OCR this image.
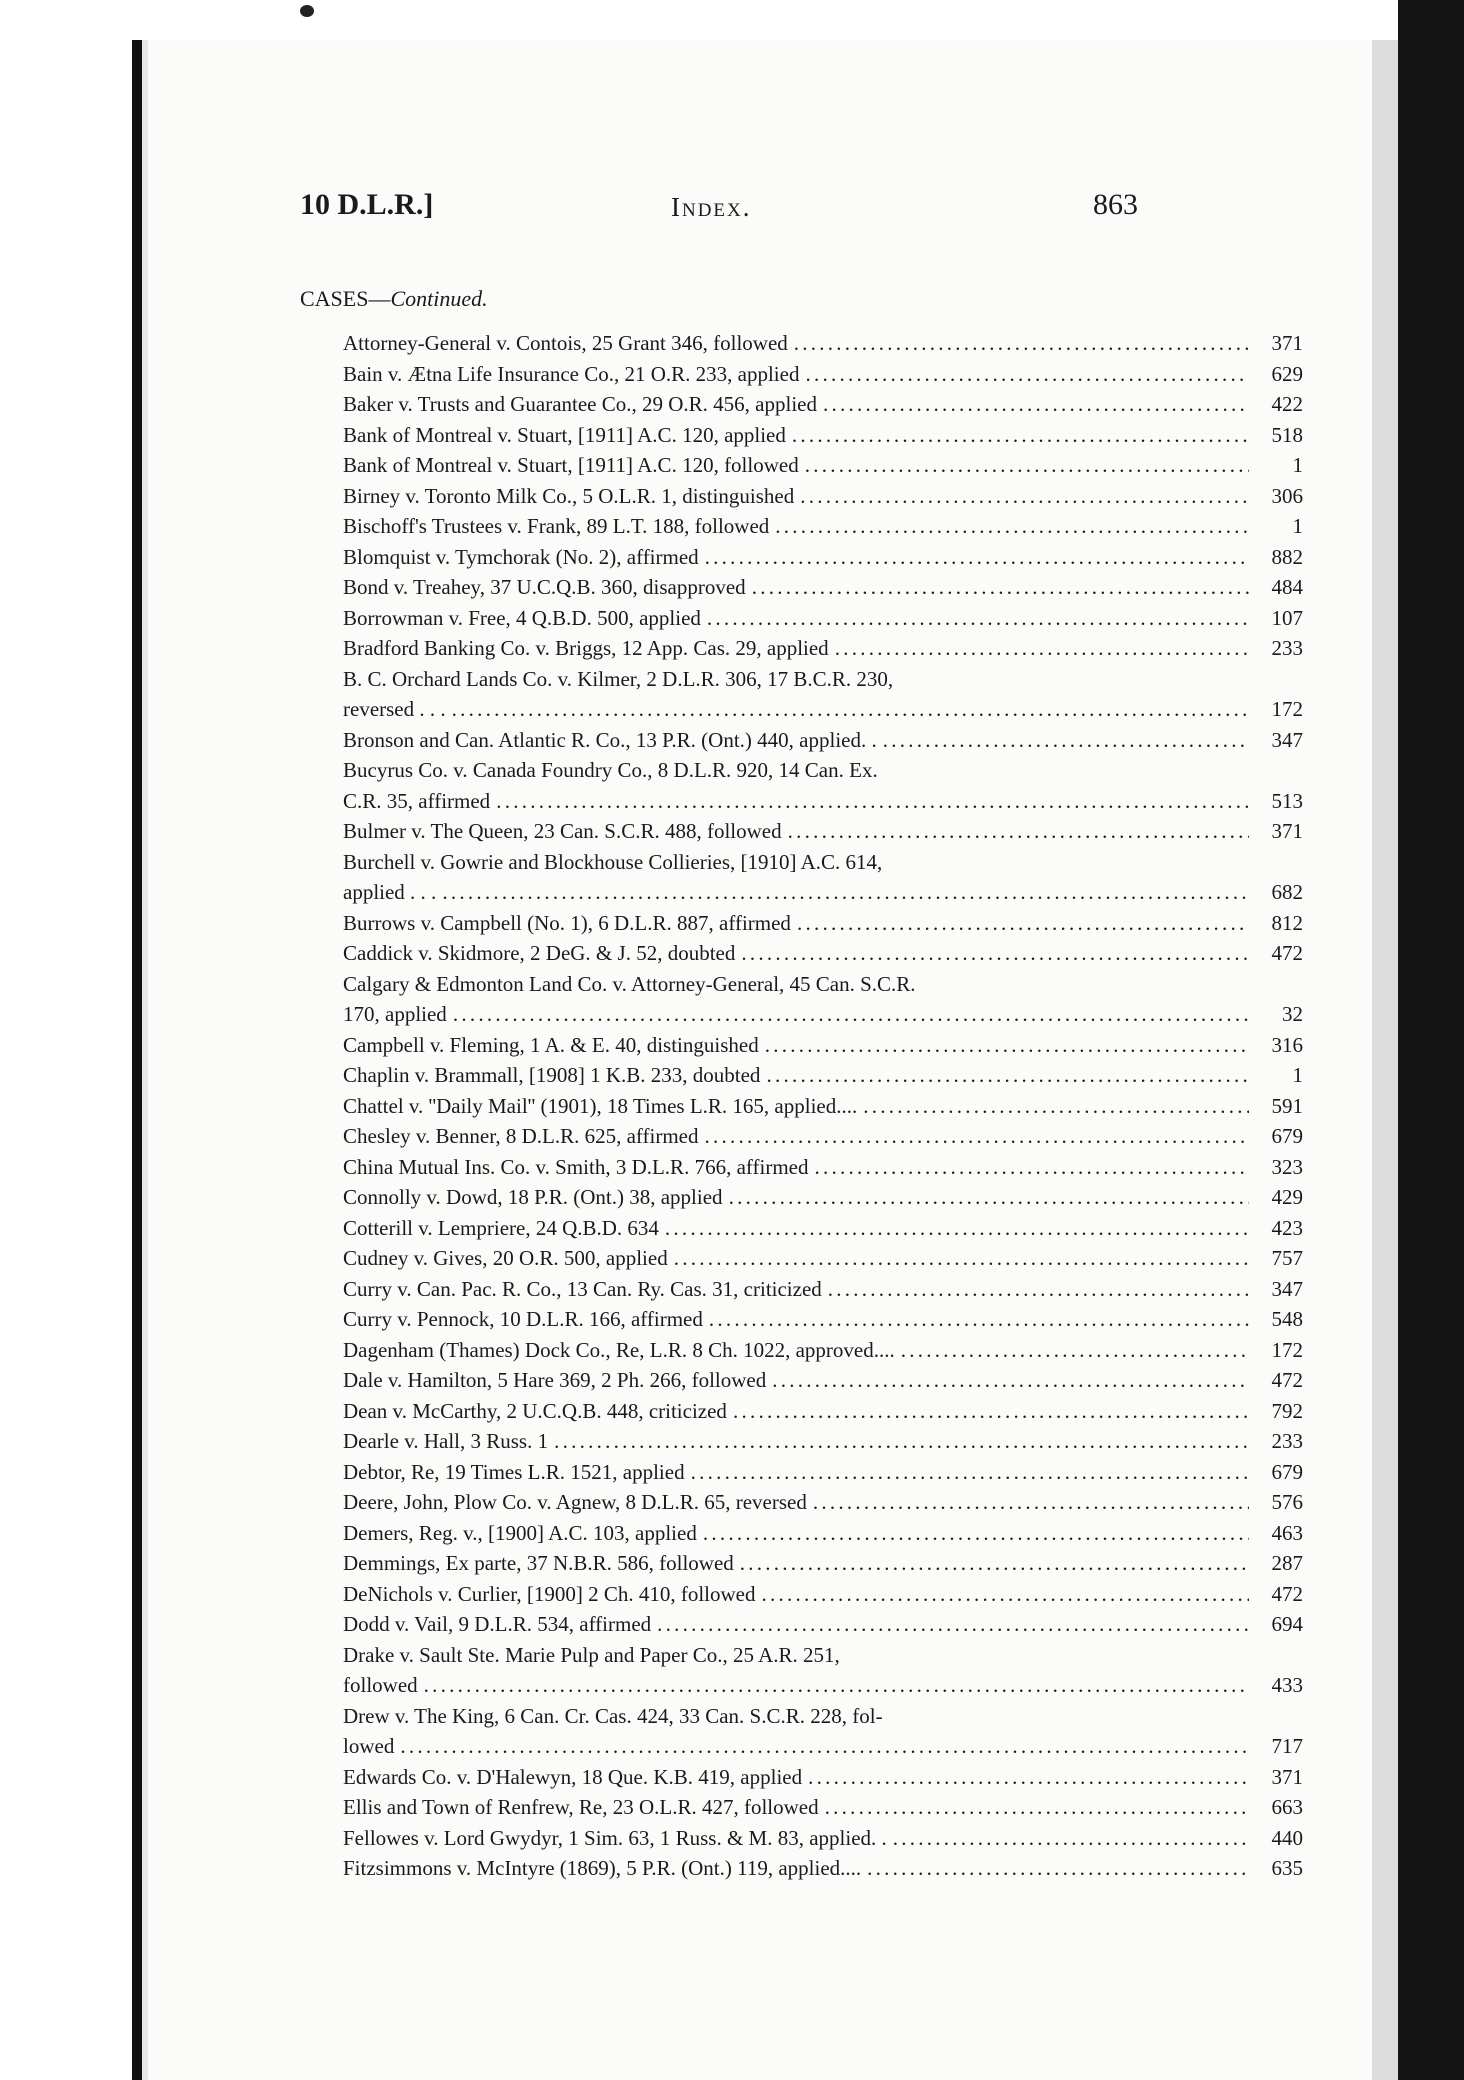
10 D.L.R.]	Index.	863
CASES—Continued.
Attorney-General v. Contois, 25 Grant 346, followed . . .	371
Bain v. Ætna Life Insurance Co., 21 O.R. 233, applied . . .	629
Baker v. Trusts and Guarantee Co., 29 O.R. 456, applied . . .	422
Bank of Montreal v. Stuart, [1911] A.C. 120, applied . . .	518
Bank of Montreal v. Stuart, [1911] A.C. 120, followed . . .	1
Birney v. Toronto Milk Co., 5 O.L.R. 1, distinguished . . .	306
Bischoff's Trustees v. Frank, 89 L.T. 188, followed . . .	1
Blomquist v. Tymchorak (No. 2), affirmed . . .	882
Bond v. Treahey, 37 U.C.Q.B. 360, disapproved . . .	484
Borrowman v. Free, 4 Q.B.D. 500, applied . . .	107
Bradford Banking Co. v. Briggs, 12 App. Cas. 29, applied . . .	233
B. C. Orchard Lands Co. v. Kilmer, 2 D.L.R. 306, 17 B.C.R. 230,
reversed . . . . . .	172
Bronson and Can. Atlantic R. Co., 13 P.R. (Ont.) 440, applied. . . . .	347
Bucyrus Co. v. Canada Foundry Co., 8 D.L.R. 920, 14 Can. Ex.
C.R. 35, affirmed . . .	513
Bulmer v. The Queen, 23 Can. S.C.R. 488, followed . . .	371
Burchell v. Gowrie and Blockhouse Collieries, [1910] A.C. 614,
applied . . . . . .	682
Burrows v. Campbell (No. 1), 6 D.L.R. 887, affirmed . . .	812
Caddick v. Skidmore, 2 DeG. & J. 52, doubted . . .	472
Calgary & Edmonton Land Co. v. Attorney-General, 45 Can. S.C.R.
170, applied . . .	32
Campbell v. Fleming, 1 A. & E. 40, distinguished . . .	316
Chaplin v. Brammall, [1908] 1 K.B. 233, doubted . . .	1
Chattel v. ''Daily Mail'' (1901), 18 Times L.R. 165, applied.... . . .	591
Chesley v. Benner, 8 D.L.R. 625, affirmed . . .	679
China Mutual Ins. Co. v. Smith, 3 D.L.R. 766, affirmed . . .	323
Connolly v. Dowd, 18 P.R. (Ont.) 38, applied . . .	429
Cotterill v. Lempriere, 24 Q.B.D. 634 . . .	423
Cudney v. Gives, 20 O.R. 500, applied . . .	757
Curry v. Can. Pac. R. Co., 13 Can. Ry. Cas. 31, criticized . . .	347
Curry v. Pennock, 10 D.L.R. 166, affirmed . . .	548
Dagenham (Thames) Dock Co., Re, L.R. 8 Ch. 1022, approved.... . . .	172
Dale v. Hamilton, 5 Hare 369, 2 Ph. 266, followed . . .	472
Dean v. McCarthy, 2 U.C.Q.B. 448, criticized . . .	792
Dearle v. Hall, 3 Russ. 1 . . .	233
Debtor, Re, 19 Times L.R. 1521, applied . . .	679
Deere, John, Plow Co. v. Agnew, 8 D.L.R. 65, reversed . . .	576
Demers, Reg. v., [1900] A.C. 103, applied . . .	463
Demmings, Ex parte, 37 N.B.R. 586, followed . . .	287
DeNichols v. Curlier, [1900] 2 Ch. 410, followed . . .	472
Dodd v. Vail, 9 D.L.R. 534, affirmed . . .	694
Drake v. Sault Ste. Marie Pulp and Paper Co., 25 A.R. 251,
followed . . .	433
Drew v. The King, 6 Can. Cr. Cas. 424, 33 Can. S.C.R. 228, fol-
lowed . . .	717
Edwards Co. v. D'Halewyn, 18 Que. K.B. 419, applied . . .	371
Ellis and Town of Renfrew, Re, 23 O.L.R. 427, followed . . .	663
Fellowes v. Lord Gwydyr, 1 Sim. 63, 1 Russ. & M. 83, applied. . . . .	440
Fitzsimmons v. McIntyre (1869), 5 P.R. (Ont.) 119, applied.... . . .	635
